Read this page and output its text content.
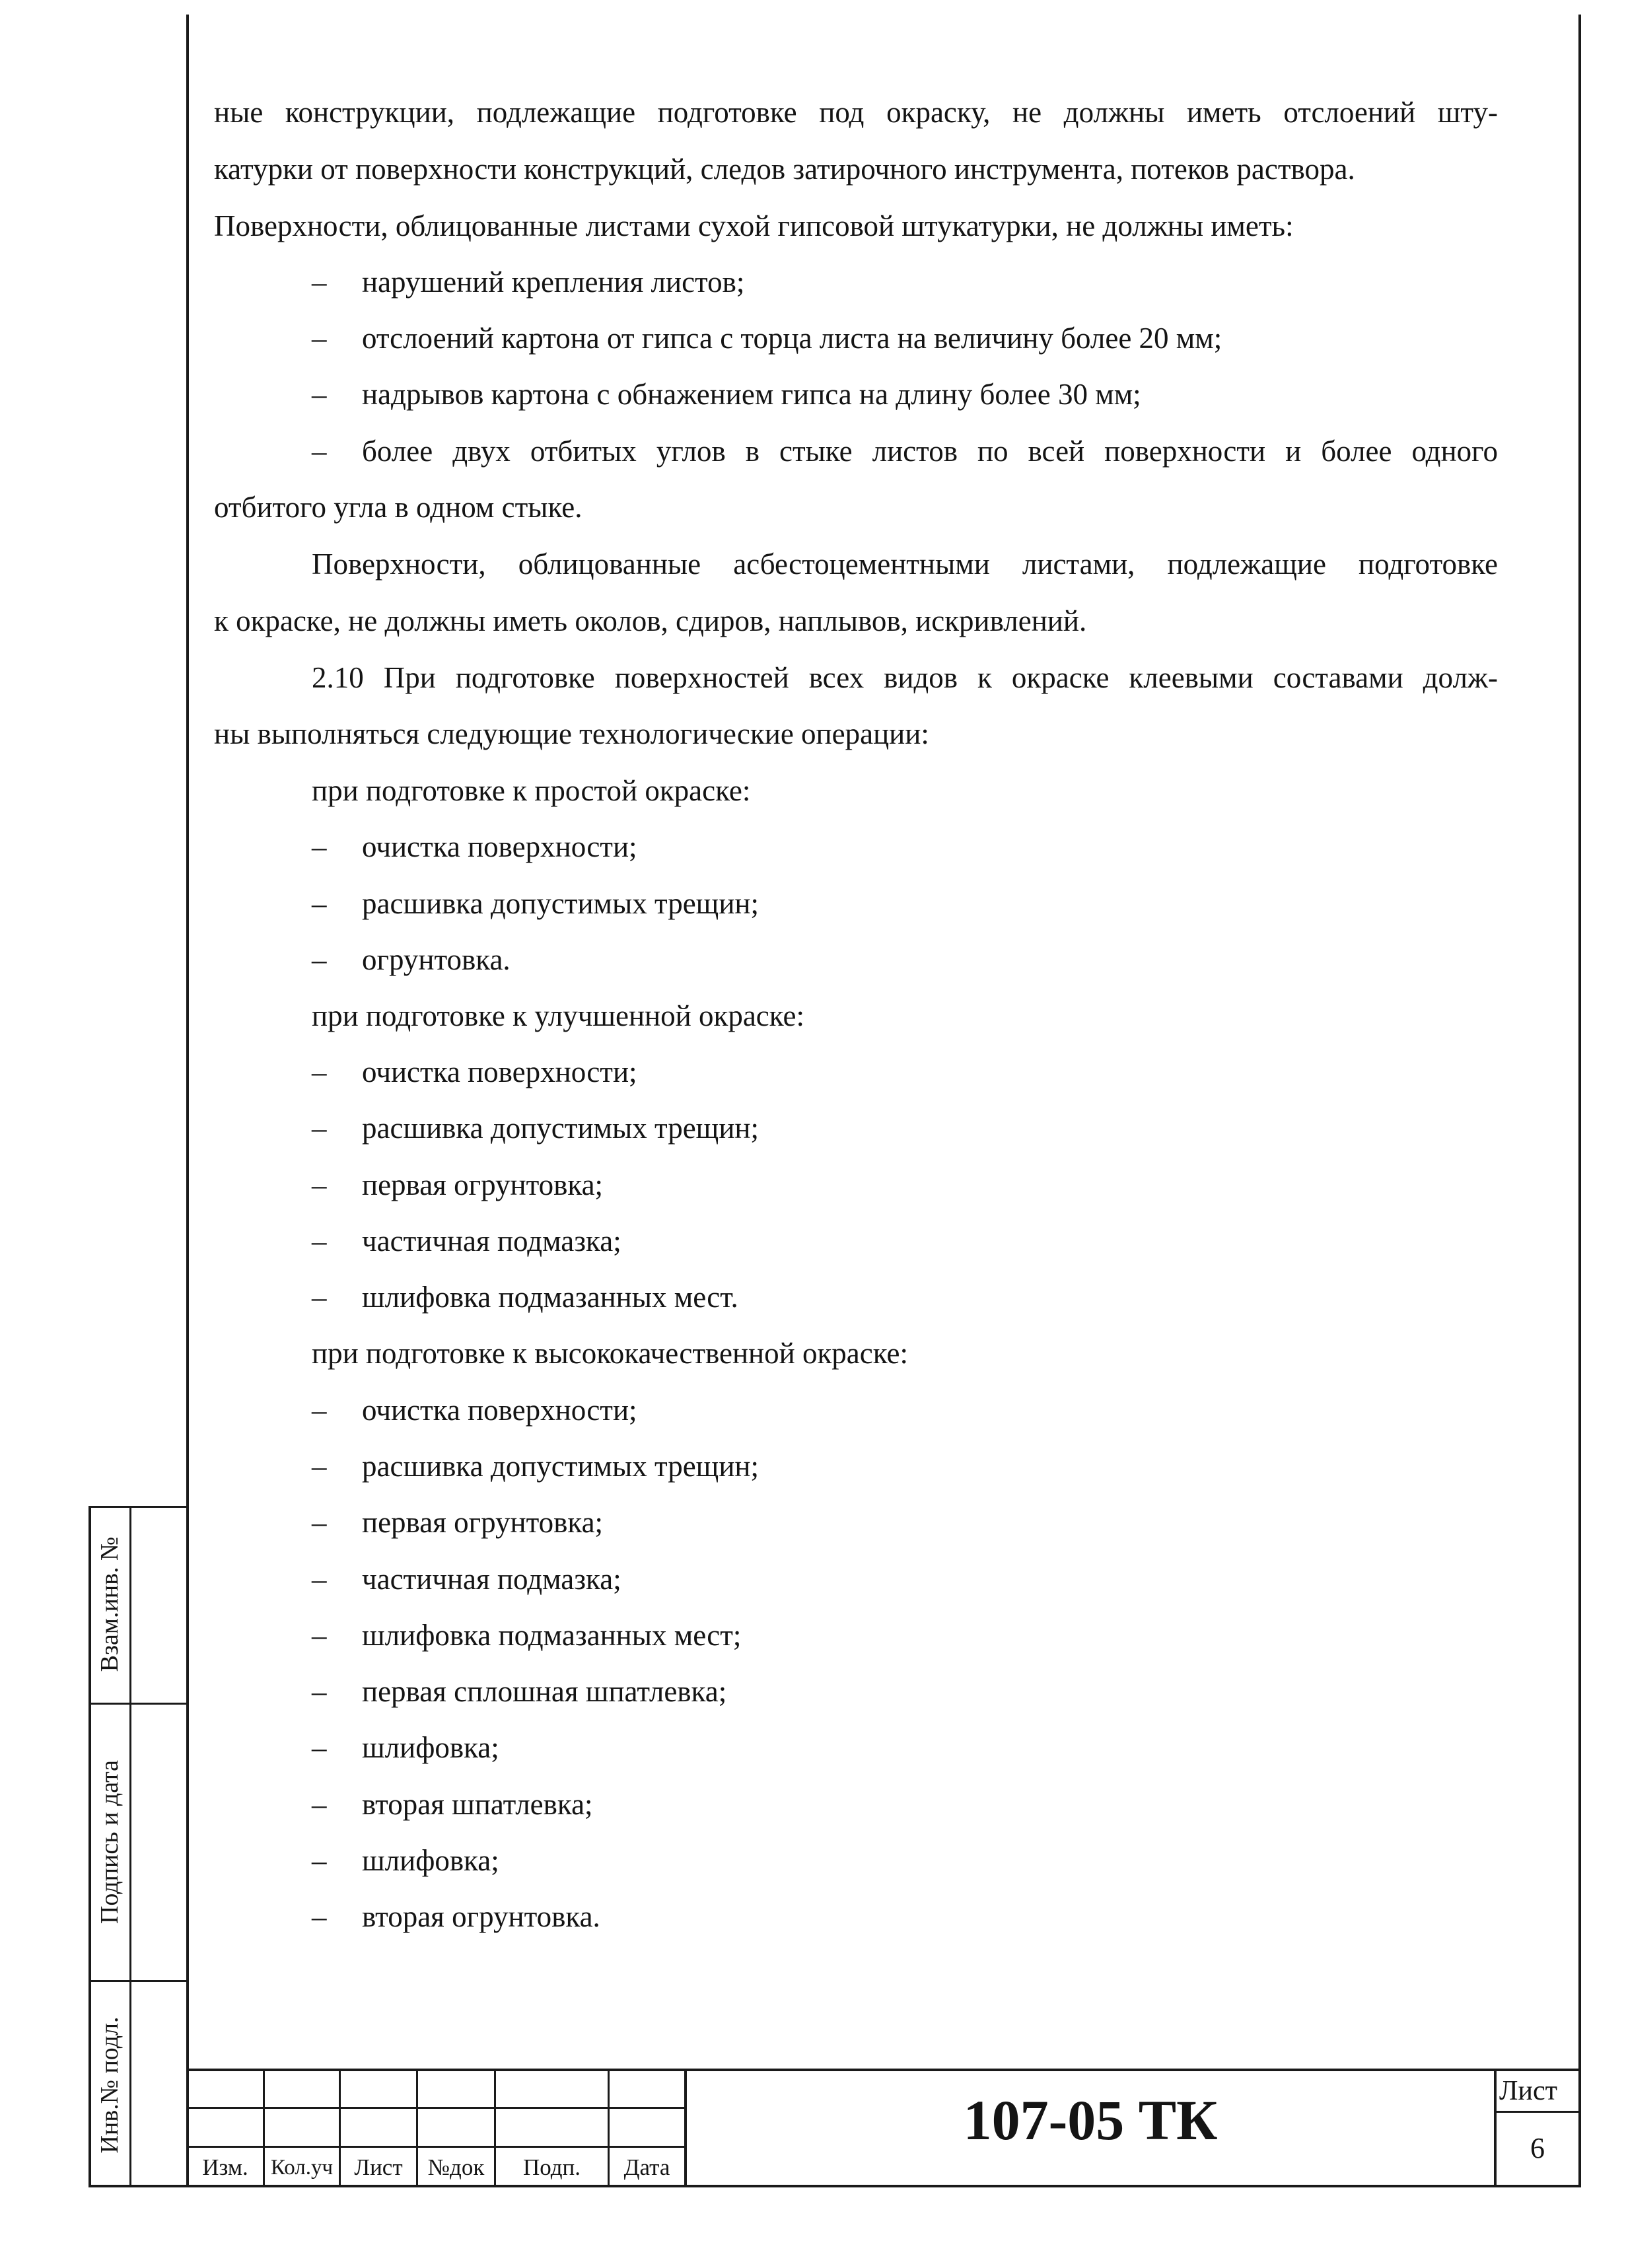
ные конструкции, подлежащие подготовке под окраску, не должны иметь отслоений шту-
катурки от поверхности конструкций, следов затирочного инструмента, потеков раствора.
Поверхности, облицованные листами сухой гипсовой штукатурки, не должны иметь:
– нарушений крепления листов;
– отслоений картона от гипса с торца листа на величину более 20 мм;
– надрывов картона с обнажением гипса на длину более 30 мм;
– более двух отбитых углов в стыке листов по всей поверхности и более одного
отбитого угла в одном стыке.
Поверхности, облицованные асбестоцементными листами, подлежащие подготовке
к окраске, не должны иметь околов, сдиров, наплывов, искривлений.
2.10 При подготовке поверхностей всех видов к окраске клеевыми составами долж-
ны выполняться следующие технологические операции:
при подготовке к простой окраске:
– очистка поверхности;
– расшивка допустимых трещин;
– огрунтовка.
при подготовке к улучшенной окраске:
– очистка поверхности;
– расшивка допустимых трещин;
– первая огрунтовка;
– частичная подмазка;
– шлифовка подмазанных мест.
при подготовке к высококачественной окраске:
– очистка поверхности;
– расшивка допустимых трещин;
– первая огрунтовка;
– частичная подмазка;
– шлифовка подмазанных мест;
– первая сплошная шпатлевка;
– шлифовка;
– вторая шпатлевка;
– шлифовка;
– вторая огрунтовка.
Взам.инв. №
Подпись и дата
Инв.№ подл.
Изм.	Кол.уч Лист	№док	Подп.	Дата
107-05 ТК	Лист
6
